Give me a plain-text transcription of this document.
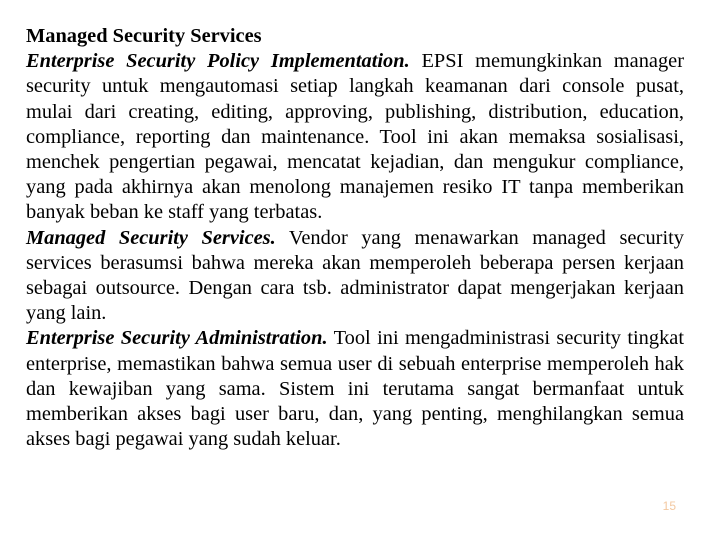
Managed Security Services

Enterprise Security Policy Implementation. EPSI memungkinkan manager security untuk mengautomasi setiap langkah keamanan dari console pusat, mulai dari creating, editing, approving, publishing, distribution, education, compliance, reporting dan maintenance. Tool ini akan memaksa sosialisasi, menchek pengertian pegawai, mencatat kejadian, dan mengukur compliance, yang pada akhirnya akan menolong manajemen resiko IT tanpa memberikan banyak beban ke staff yang terbatas.

Managed Security Services. Vendor yang menawarkan managed security services berasumsi bahwa mereka akan memperoleh beberapa persen kerjaan sebagai outsource. Dengan cara tsb. administrator dapat mengerjakan kerjaan yang lain.

Enterprise Security Administration. Tool ini mengadministrasi security tingkat enterprise, memastikan bahwa semua user di sebuah enterprise memperoleh hak dan kewajiban yang sama. Sistem ini terutama sangat bermanfaat untuk memberikan akses bagi user baru, dan, yang penting, menghilangkan semua akses bagi pegawai yang sudah keluar.

15
